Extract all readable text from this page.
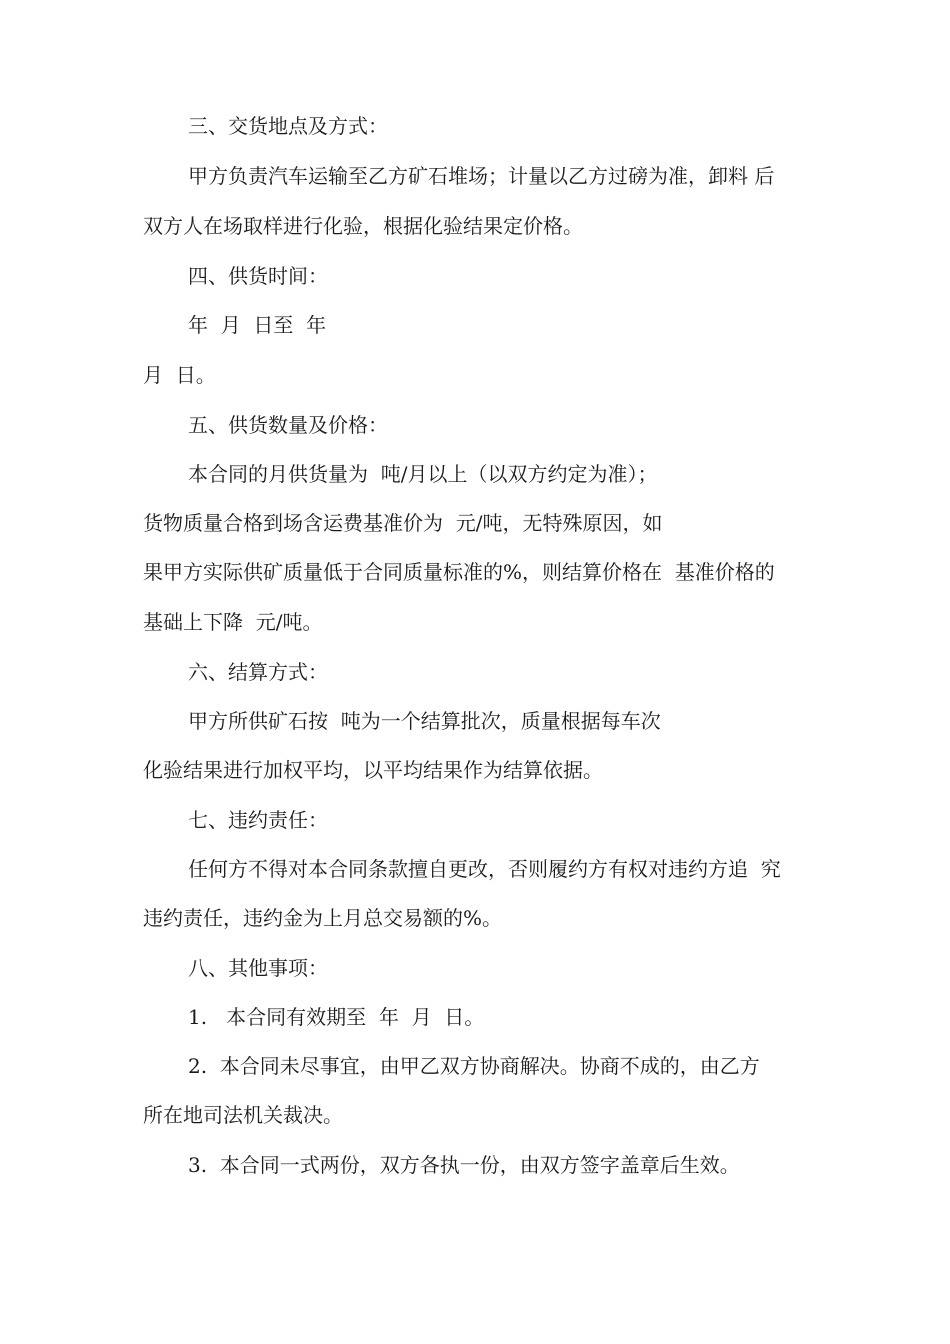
三、交货地点及方式：
甲方负责汽车运输至乙方矿石堆场；计量以乙方过磅为准，卸料 后
双方人在场取样进行化验，根据化验结果定价格。
四、供货时间：
年  月  日至  年
月  日。
五、供货数量及价格：
本合同的月供货量为  吨/月以上（以双方约定为准）；
货物质量合格到场含运费基准价为  元/吨，无特殊原因，如
果甲方实际供矿质量低于合同质量标准的%，则结算价格在  基准价格的
基础上下降  元/吨。
六、结算方式：
甲方所供矿石按  吨为一个结算批次，质量根据每车次
化验结果进行加权平均，以平均结果作为结算依据。
七、违约责任：
任何方不得对本合同条款擅自更改，否则履约方有权对违约方追  究
违约责任，违约金为上月总交易额的%。
八、其他事项：
1.   本合同有效期至  年  月  日。
2.  本合同未尽事宜，由甲乙双方协商解决。协商不成的，由乙方
所在地司法机关裁决。
3.  本合同一式两份，双方各执一份，由双方签字盖章后生效。
